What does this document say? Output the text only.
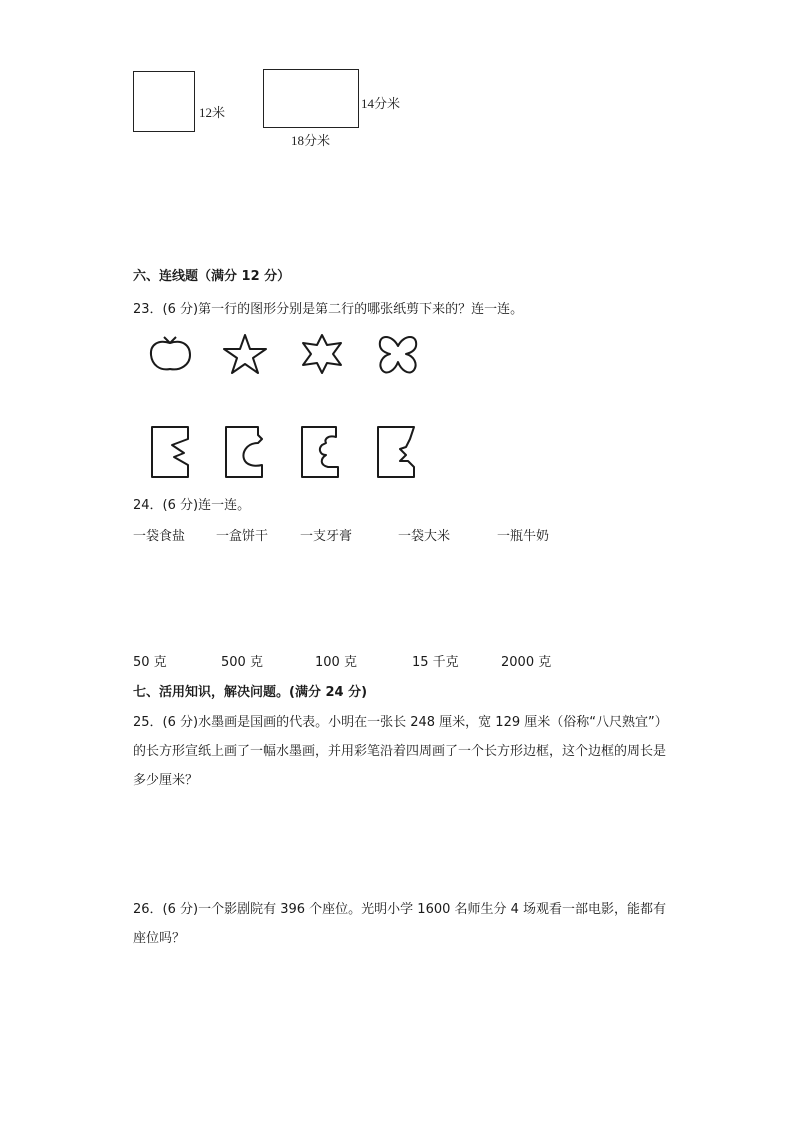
12米
14分米
18分米
六、连线题（满分 12 分）
23．(6 分)第一行的图形分别是第二行的哪张纸剪下来的？连一连。
24．(6 分)连一连。
一袋食盐 一盒饼干 一支牙膏	一袋大米	一瓶牛奶
50 克	500 克	100 克	15 千克	2000 克
七、活用知识，解决问题。(满分 24 分)
25．(6 分)水墨画是国画的代表。小明在一张长 248 厘米，宽 129 厘米（俗称“八尺熟宜”）的长方形宣纸上画了一幅水墨画，并用彩笔沿着四周画了一个长方形边框，这个边框的周长是多少厘米？
26．(6 分)一个影剧院有 396 个座位。光明小学 1600 名师生分 4 场观看一部电影，能都有座位吗？
